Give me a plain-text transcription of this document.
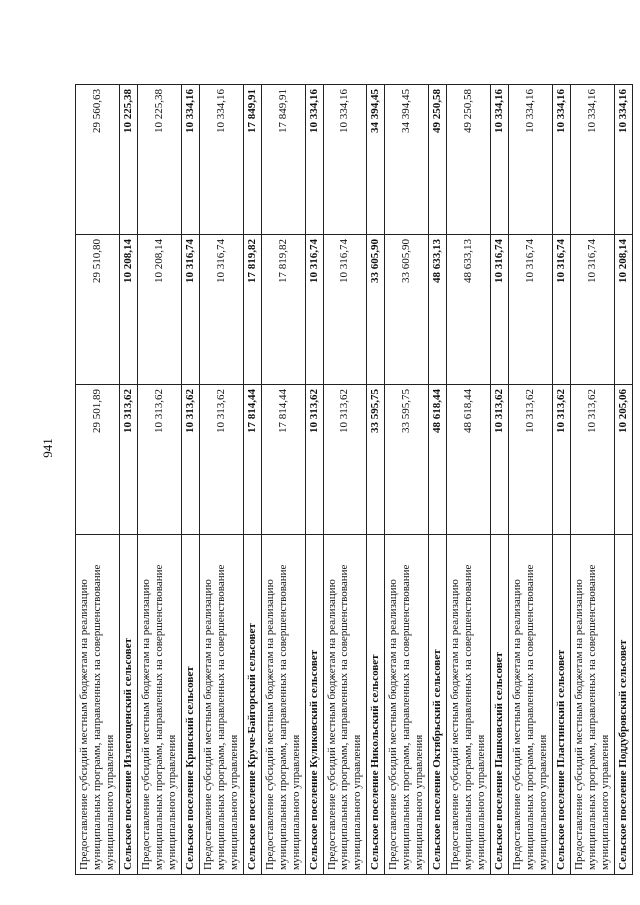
941
Предоставление субсидий местным бюджетам на реализацию муниципальных программ, направленных на совершенствование муниципального управления	29 501,89	29 510,80	29 560,63
Сельское поселение Излегощенский сельсовет	10 313,62	10 208,14	10 225,38
Предоставление субсидий местным бюджетам на реализацию муниципальных программ, направленных на совершенствование муниципального управления	10 313,62	10 208,14	10 225,38
Сельское поселение Кривский сельсовет	10 313,62	10 316,74	10 334,16
Предоставление субсидий местным бюджетам на реализацию муниципальных программ, направленных на совершенствование муниципального управления	10 313,62	10 316,74	10 334,16
Сельское поселение Круче-Байгорский сельсовет	17 814,44	17 819,82	17 849,91
Предоставление субсидий местным бюджетам на реализацию муниципальных программ, направленных на совершенствование муниципального управления	17 814,44	17 819,82	17 849,91
Сельское поселение Куликовский сельсовет	10 313,62	10 316,74	10 334,16
Предоставление субсидий местным бюджетам на реализацию муниципальных программ, направленных на совершенствование муниципального управления	10 313,62	10 316,74	10 334,16
Сельское поселение Никольский сельсовет	33 595,75	33 605,90	34 394,45
Предоставление субсидий местным бюджетам на реализацию муниципальных программ, направленных на совершенствование муниципального управления	33 595,75	33 605,90	34 394,45
Сельское поселение Октябрьский сельсовет	48 618,44	48 633,13	49 250,58
Предоставление субсидий местным бюджетам на реализацию муниципальных программ, направленных на совершенствование муниципального управления	48 618,44	48 633,13	49 250,58
Сельское поселение Пашковский сельсовет	10 313,62	10 316,74	10 334,16
Предоставление субсидий местным бюджетам на реализацию муниципальных программ, направленных на совершенствование муниципального управления	10 313,62	10 316,74	10 334,16
Сельское поселение Пластинский сельсовет	10 313,62	10 316,74	10 334,16
Предоставление субсидий местным бюджетам на реализацию муниципальных программ, направленных на совершенствование муниципального управления	10 313,62	10 316,74	10 334,16
Сельское поселение Поддубровский сельсовет	10 205,06	10 208,14	10 334,16
